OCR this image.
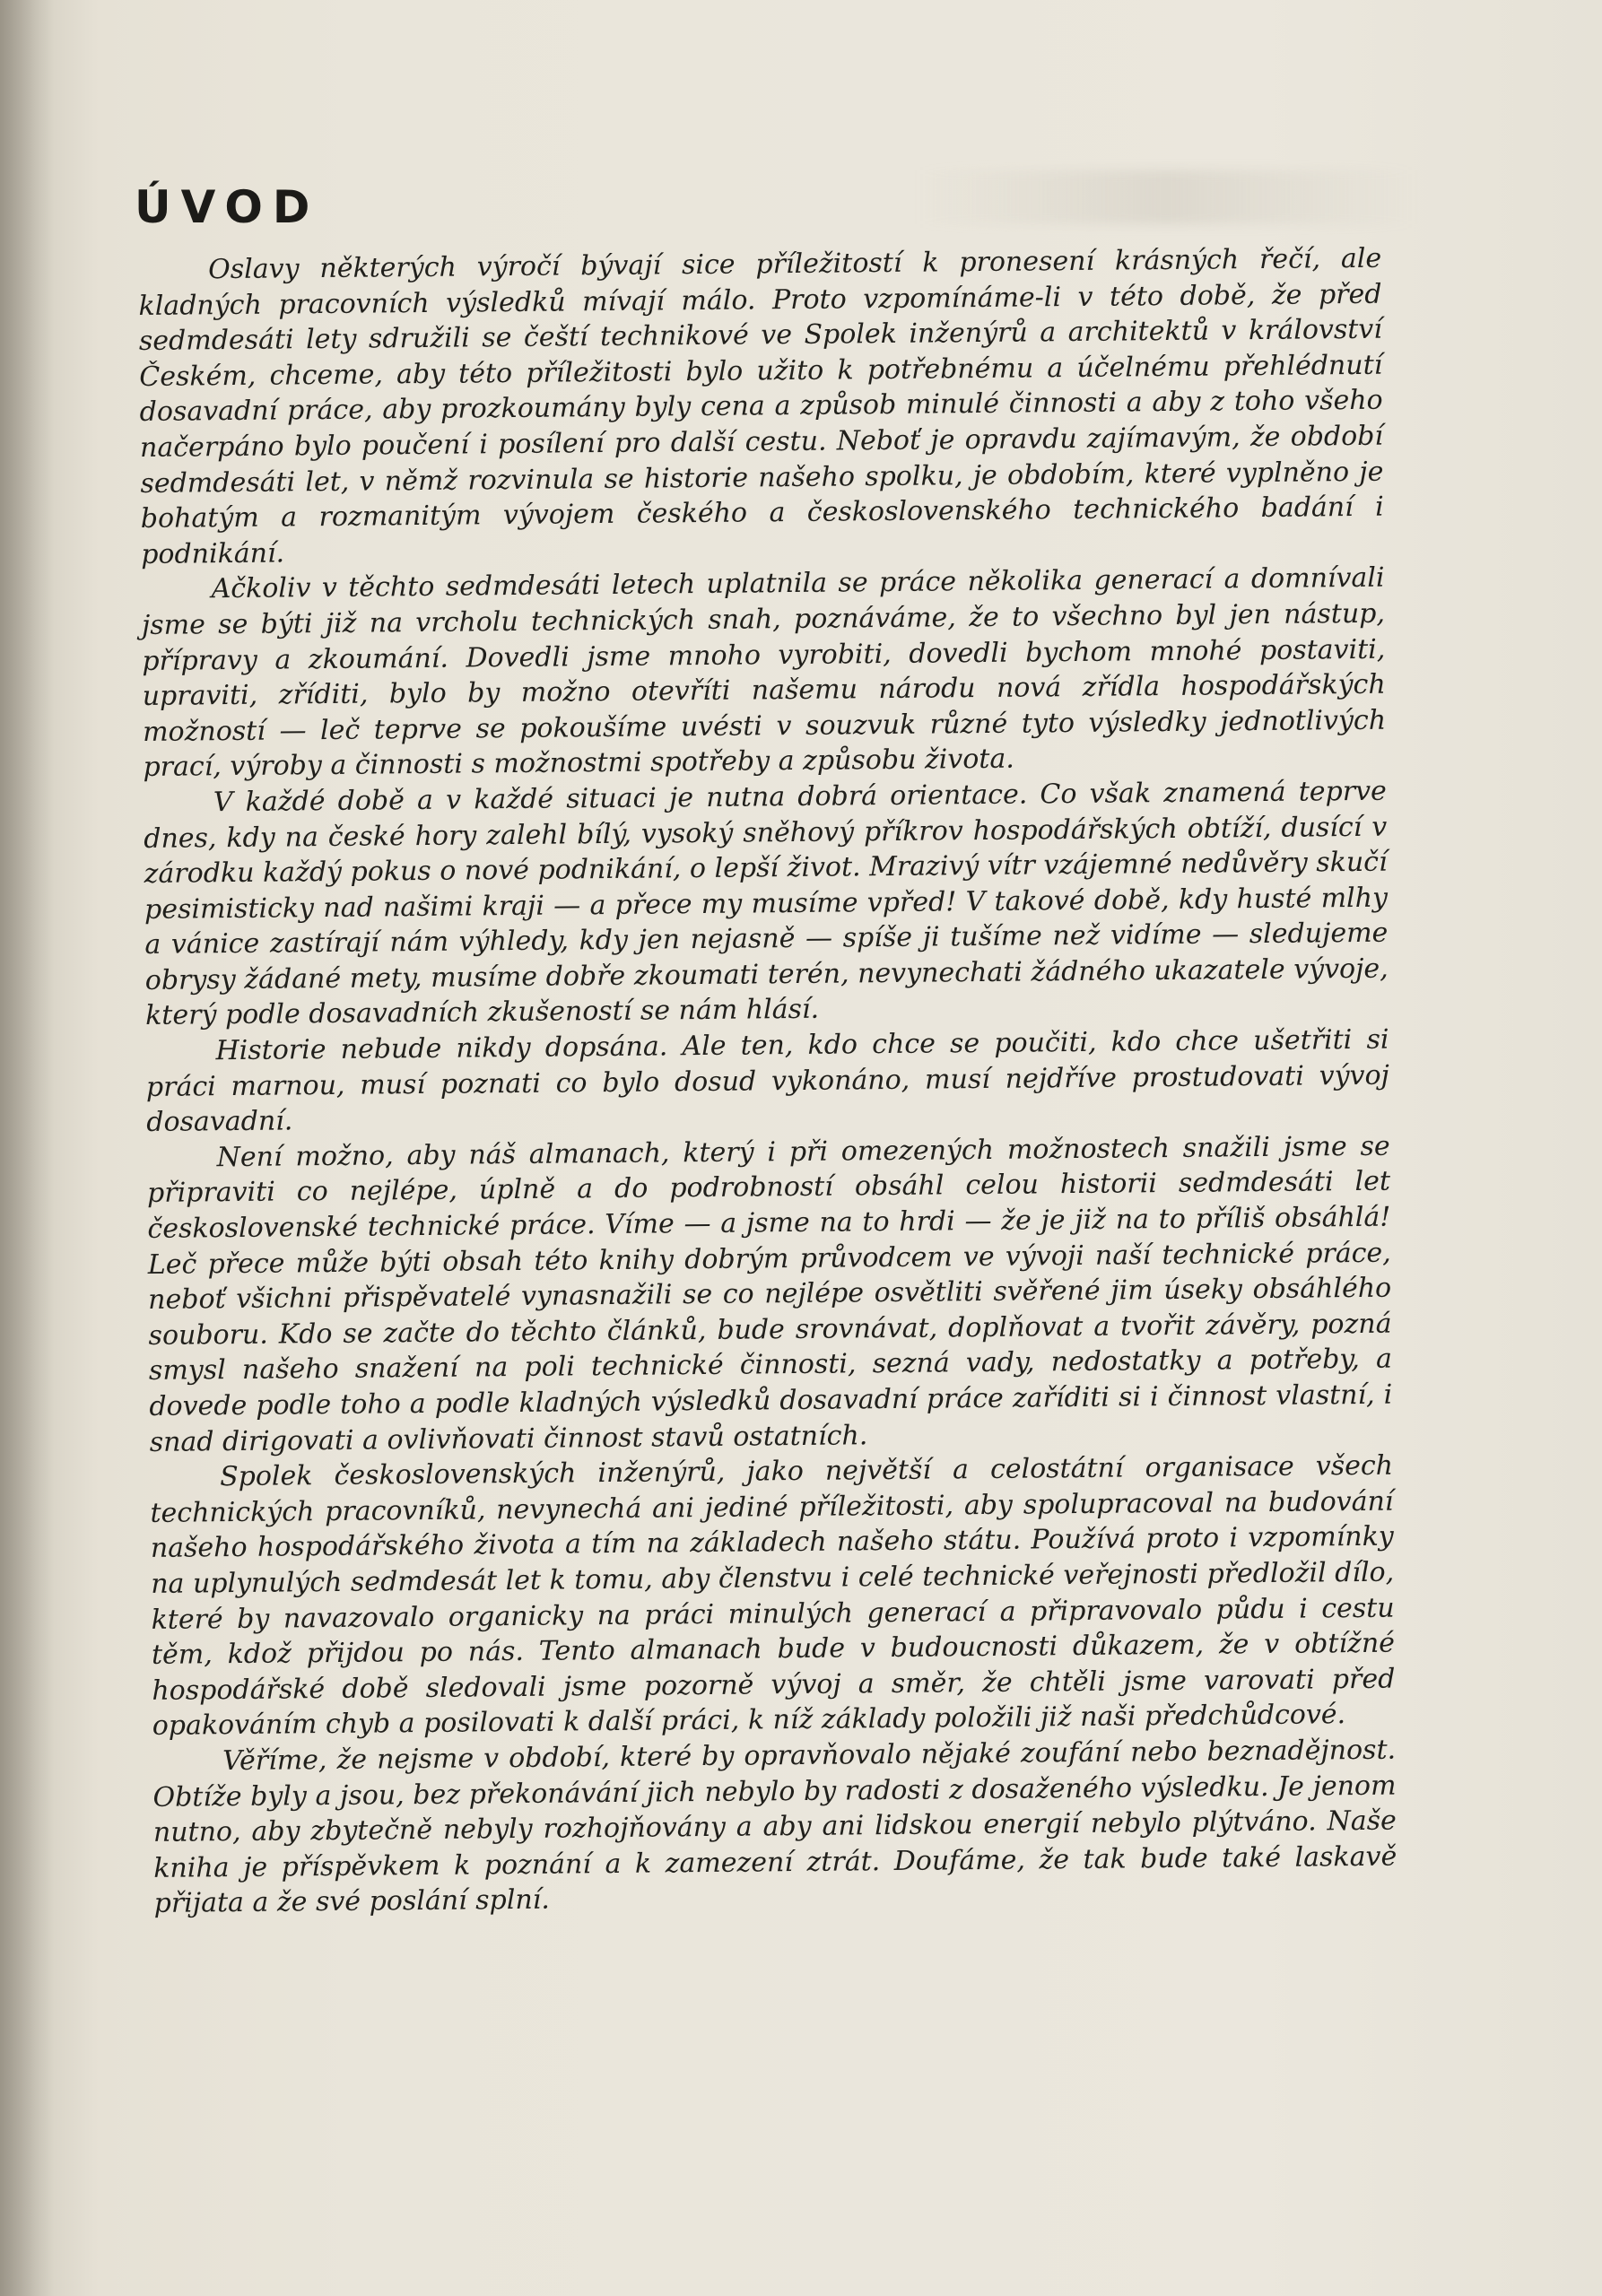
ÚVOD

Oslavy některých výročí bývají sice příležitostí k pronesení krásných řečí, ale kladných pracovních výsledků mívají málo. Proto vzpomínáme-li v této době, že před sedmdesáti lety sdružili se čeští technikové ve Spolek inženýrů a architektů v království Českém, chceme, aby této příležitosti bylo užito k potřebnému a účelnému přehlédnutí dosavadní práce, aby prozkoumány byly cena a způsob minulé činnosti a aby z toho všeho načerpáno bylo poučení i posílení pro další cestu. Neboť je opravdu zajímavým, že období sedmdesáti let, v němž rozvinula se historie našeho spolku, je obdobím, které vyplněno je bohatým a rozmanitým vývojem českého a československého technického badání i podnikání.

Ačkoliv v těchto sedmdesáti letech uplatnila se práce několika generací a domnívali jsme se býti již na vrcholu technických snah, poznáváme, že to všechno byl jen nástup, přípravy a zkoumání. Dovedli jsme mnoho vyrobiti, dovedli bychom mnohé postaviti, upraviti, zříditi, bylo by možno otevříti našemu národu nová zřídla hospodářských možností — leč teprve se pokoušíme uvésti v souzvuk různé tyto výsledky jednotlivých prací, výroby a činnosti s možnostmi spotřeby a způsobu života.

V každé době a v každé situaci je nutna dobrá orientace. Co však znamená teprve dnes, kdy na české hory zalehl bílý, vysoký sněhový příkrov hospodářských obtíží, dusící v zárodku každý pokus o nové podnikání, o lepší život. Mrazivý vítr vzájemné nedůvěry skučí pesimisticky nad našimi kraji — a přece my musíme vpřed! V takové době, kdy husté mlhy a vánice zastírají nám výhledy, kdy jen nejasně — spíše ji tušíme než vidíme — sledujeme obrysy žádané mety, musíme dobře zkoumati terén, nevynechati žádného ukazatele vývoje, který podle dosavadních zkušeností se nám hlásí.

Historie nebude nikdy dopsána. Ale ten, kdo chce se poučiti, kdo chce ušetřiti si práci marnou, musí poznati co bylo dosud vykonáno, musí nejdříve prostudovati vývoj dosavadní.

Není možno, aby náš almanach, který i při omezených možnostech snažili jsme se připraviti co nejlépe, úplně a do podrobností obsáhl celou historii sedmdesáti let československé technické práce. Víme — a jsme na to hrdi — že je již na to příliš obsáhlá! Leč přece může býti obsah této knihy dobrým průvodcem ve vývoji naší technické práce, neboť všichni přispěvatelé vynasnažili se co nejlépe osvětliti svěřené jim úseky obsáhlého souboru. Kdo se začte do těchto článků, bude srovnávat, doplňovat a tvořit závěry, pozná smysl našeho snažení na poli technické činnosti, sezná vady, nedostatky a potřeby, a dovede podle toho a podle kladných výsledků dosavadní práce zaříditi si i činnost vlastní, i snad dirigovati a ovlivňovati činnost stavů ostatních.

Spolek československých inženýrů, jako největší a celostátní organisace všech technických pracovníků, nevynechá ani jediné příležitosti, aby spolupracoval na budování našeho hospodářského života a tím na základech našeho státu. Používá proto i vzpomínky na uplynulých sedmdesát let k tomu, aby členstvu i celé technické veřejnosti předložil dílo, které by navazovalo organicky na práci minulých generací a připravovalo půdu i cestu těm, kdož přijdou po nás. Tento almanach bude v budoucnosti důkazem, že v obtížné hospodářské době sledovali jsme pozorně vývoj a směr, že chtěli jsme varovati před opakováním chyb a posilovati k další práci, k níž základy položili již naši předchůdcové.

Věříme, že nejsme v období, které by opravňovalo nějaké zoufání nebo beznadějnost. Obtíže byly a jsou, bez překonávání jich nebylo by radosti z dosaženého výsledku. Je jenom nutno, aby zbytečně nebyly rozhojňovány a aby ani lidskou energií nebylo plýtváno. Naše kniha je příspěvkem k poznání a k zamezení ztrát. Doufáme, že tak bude také laskavě přijata a že své poslání splní.
